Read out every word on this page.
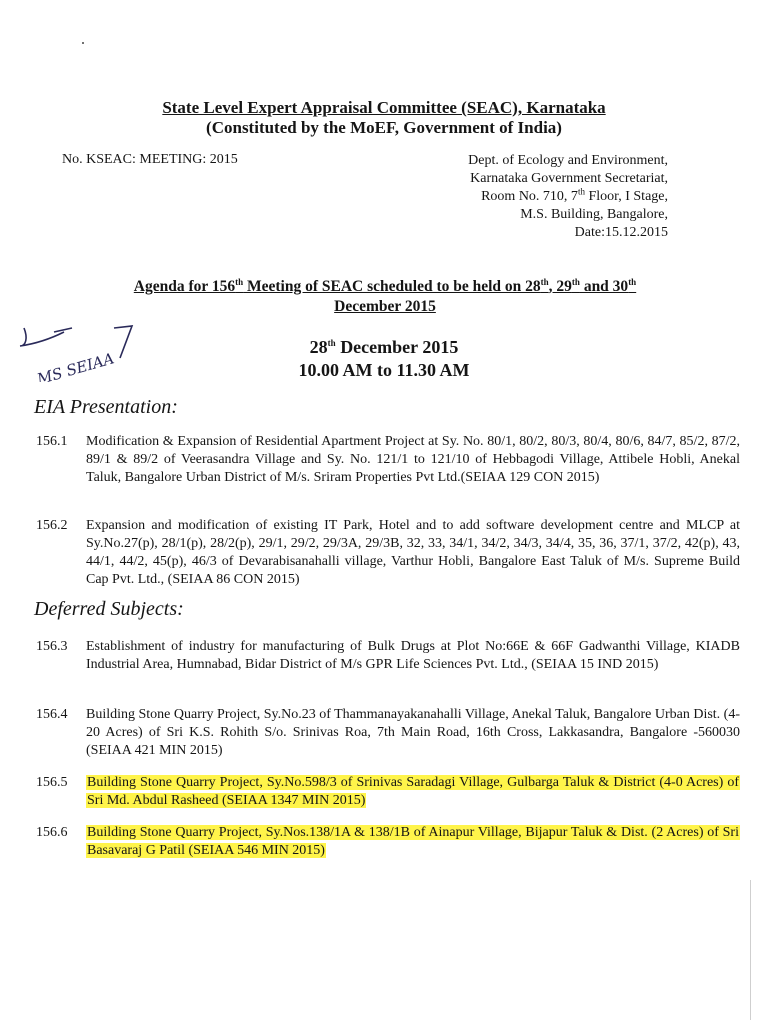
State Level Expert Appraisal Committee (SEAC), Karnataka
(Constituted by the MoEF, Government of India)
No. KSEAC: MEETING: 2015	Dept. of Ecology and Environment,
Karnataka Government Secretariat,
Room No. 710, 7th Floor, I Stage,
M.S. Building, Bangalore,
Date:15.12.2015
Agenda for 156th Meeting of SEAC scheduled to be held on 28th, 29th and 30th
December 2015
MS SEIAA
28th December 2015
10.00 AM to 11.30 AM
EIA Presentation:
156.1	Modification & Expansion of Residential Apartment Project at Sy. No. 80/1, 80/2, 80/3, 80/4, 80/6, 84/7, 85/2, 87/2, 89/1 & 89/2 of Veerasandra Village and Sy. No. 121/1 to 121/10 of Hebbagodi Village, Attibele Hobli, Anekal Taluk, Bangalore Urban District of M/s. Sriram Properties Pvt Ltd.(SEIAA 129 CON 2015)
156.2	Expansion and modification of existing IT Park, Hotel and to add software development centre and MLCP at Sy.No.27(p), 28/1(p), 28/2(p), 29/1, 29/2, 29/3A, 29/3B, 32, 33, 34/1, 34/2, 34/3, 34/4, 35, 36, 37/1, 37/2, 42(p), 43, 44/1, 44/2, 45(p), 46/3 of Devarabisanahalli village, Varthur Hobli, Bangalore East Taluk of M/s. Supreme Build Cap Pvt. Ltd., (SEIAA 86 CON 2015)
Deferred Subjects:
156.3	Establishment of industry for manufacturing of Bulk Drugs at Plot No:66E & 66F Gadwanthi Village, KIADB Industrial Area, Humnabad, Bidar District of M/s GPR Life Sciences Pvt. Ltd., (SEIAA 15 IND 2015)
156.4	Building Stone Quarry Project, Sy.No.23 of Thammanayakanahalli Village, Anekal Taluk, Bangalore Urban Dist. (4-20 Acres) of Sri K.S. Rohith S/o. Srinivas Roa, 7th Main Road, 16th Cross, Lakkasandra, Bangalore -560030 (SEIAA 421 MIN 2015)
156.5	Building Stone Quarry Project, Sy.No.598/3 of Srinivas Saradagi Village, Gulbarga Taluk & District (4-0 Acres) of Sri Md. Abdul Rasheed (SEIAA 1347 MIN 2015)
156.6	Building Stone Quarry Project, Sy.Nos.138/1A & 138/1B of Ainapur Village, Bijapur Taluk & Dist. (2 Acres) of Sri Basavaraj G Patil (SEIAA 546 MIN 2015)
